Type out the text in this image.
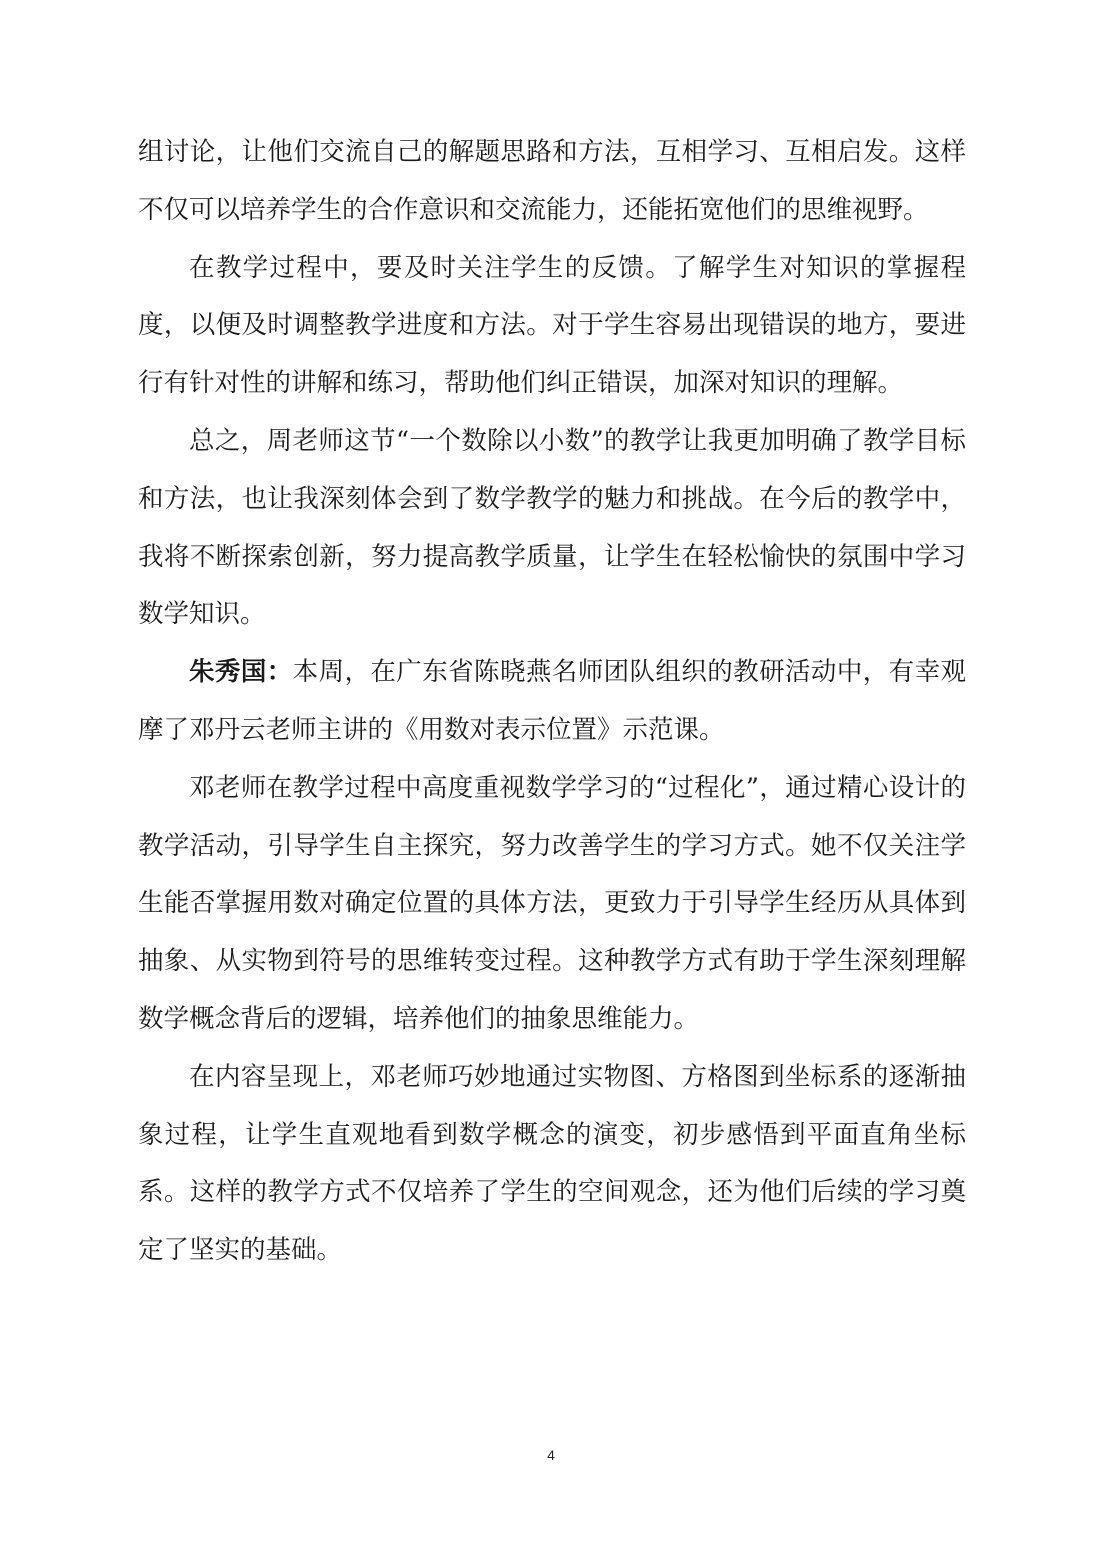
组讨论，让他们交流自己的解题思路和方法，互相学习、互相启发。这样不仅可以培养学生的合作意识和交流能力，还能拓宽他们的思维视野。

在教学过程中，要及时关注学生的反馈。了解学生对知识的掌握程度，以便及时调整教学进度和方法。对于学生容易出现错误的地方，要进行有针对性的讲解和练习，帮助他们纠正错误，加深对知识的理解。

总之，周老师这节“一个数除以小数”的教学让我更加明确了教学目标和方法，也让我深刻体会到了数学教学的魅力和挑战。在今后的教学中，我将不断探索创新，努力提高教学质量，让学生在轻松愉快的氛围中学习数学知识。

朱秀国：本周，在广东省陈晓燕名师团队组织的教研活动中，有幸观摩了邓丹云老师主讲的《用数对表示位置》示范课。

邓老师在教学过程中高度重视数学学习的“过程化”，通过精心设计的教学活动，引导学生自主探究，努力改善学生的学习方式。她不仅关注学生能否掌握用数对确定位置的具体方法，更致力于引导学生经历从具体到抽象、从实物到符号的思维转变过程。这种教学方式有助于学生深刻理解数学概念背后的逻辑，培养他们的抽象思维能力。

在内容呈现上，邓老师巧妙地通过实物图、方格图到坐标系的逐渐抽象过程，让学生直观地看到数学概念的演变，初步感悟到平面直角坐标系。这样的教学方式不仅培养了学生的空间观念，还为他们后续的学习奠定了坚实的基础。

4
